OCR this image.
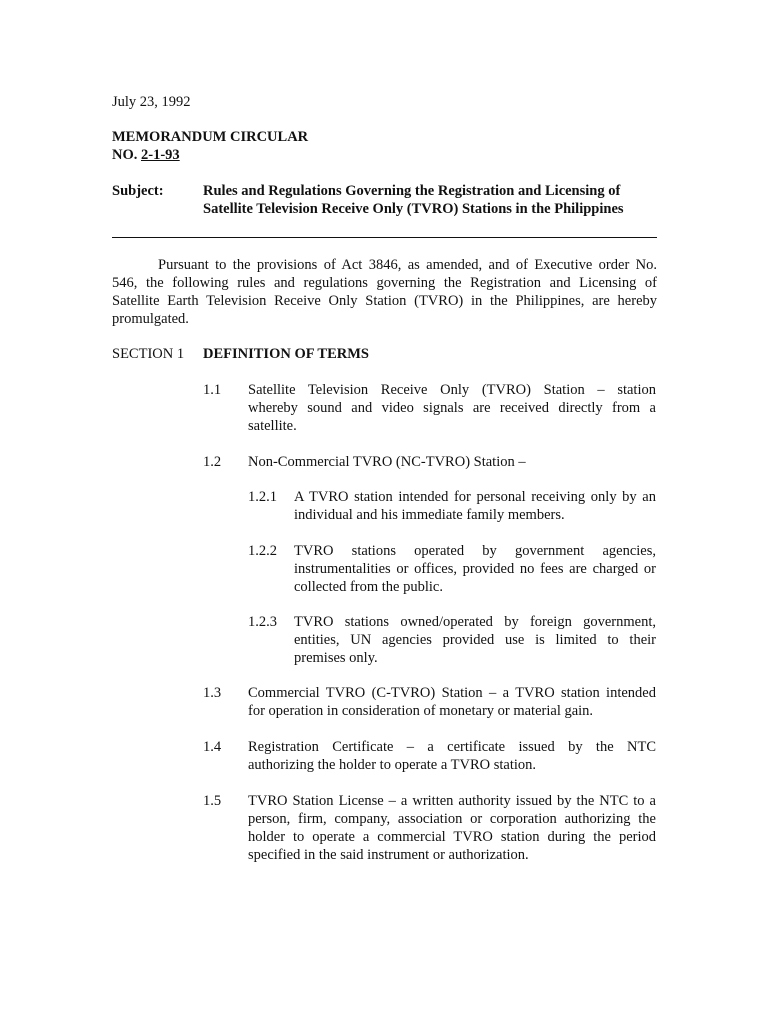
July 23, 1992
MEMORANDUM CIRCULAR
NO. 2-1-93
Subject:	Rules and Regulations Governing the Registration and Licensing of
Satellite Television Receive Only (TVRO) Stations in the Philippines
Pursuant to the provisions of Act 3846, as amended, and of Executive order No.
546, the following rules and regulations governing the Registration and Licensing of
Satellite Earth Television Receive Only Station (TVRO) in the Philippines, are hereby
promulgated.
SECTION 1 DEFINITION OF TERMS
1.1 Satellite Television Receive Only (TVRO) Station – station
whereby sound and video signals are received directly from a
satellite.
1.2 Non-Commercial TVRO (NC-TVRO) Station –
1.2.1 A TVRO station intended for personal receiving only by an
individual and his immediate family members.
1.2.2 TVRO stations operated by government agencies,
instrumentalities or offices, provided no fees are charged or
collected from the public.
1.2.3 TVRO stations owned/operated by foreign government,
entities, UN agencies provided use is limited to their
premises only.
1.3 Commercial TVRO (C-TVRO) Station – a TVRO station intended
for operation in consideration of monetary or material gain.
1.4 Registration Certificate – a certificate issued by the NTC
authorizing the holder to operate a TVRO station.
1.5 TVRO Station License – a written authority issued by the NTC to a
person, firm, company, association or corporation authorizing the
holder to operate a commercial TVRO station during the period
specified in the said instrument or authorization.
